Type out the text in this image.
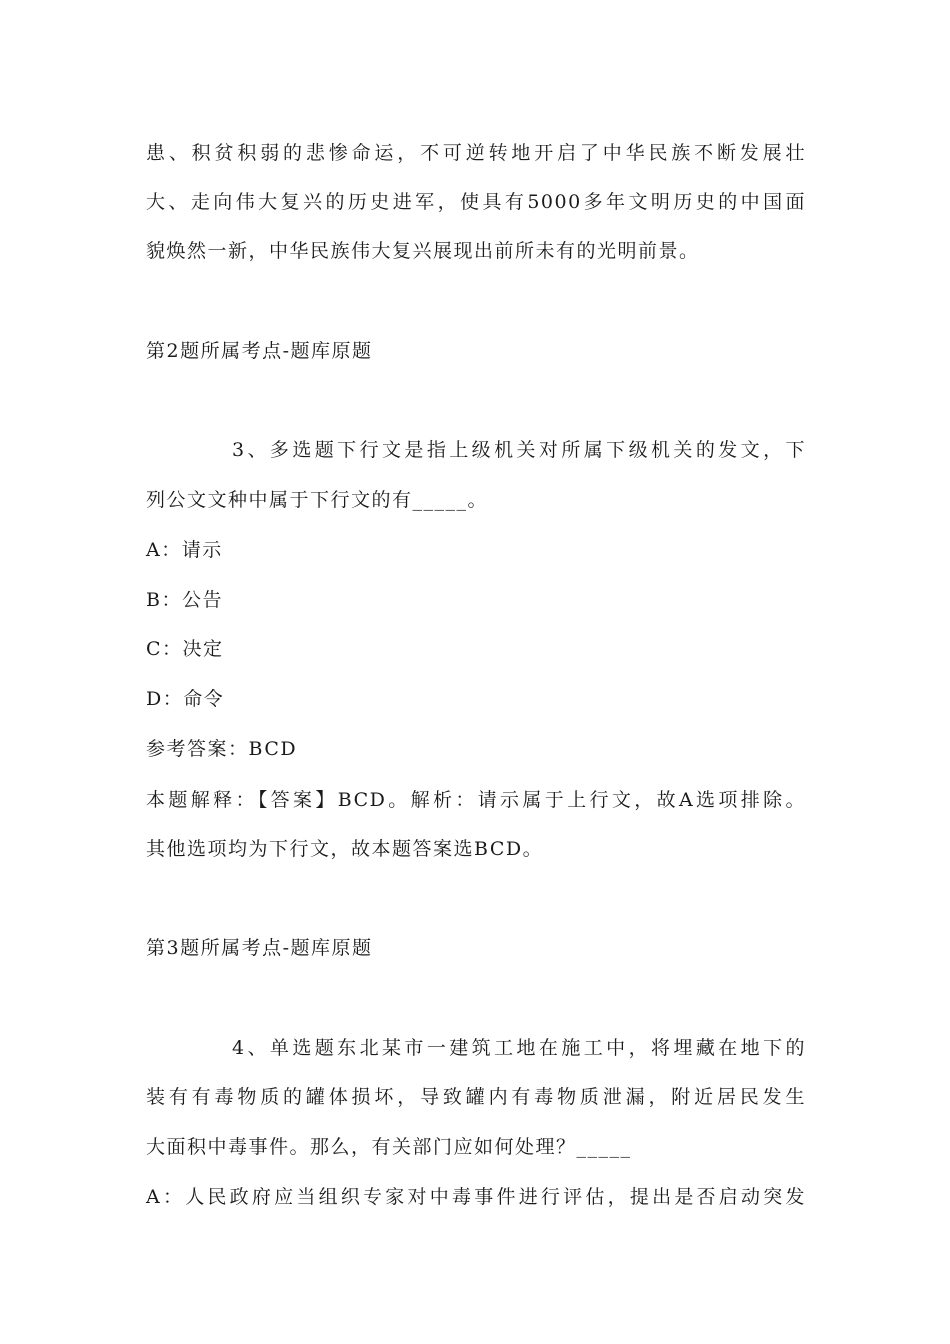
患、积贫积弱的悲惨命运，不可逆转地开启了中华民族不断发展壮
大、走向伟大复兴的历史进军，使具有5000多年文明历史的中国面
貌焕然一新，中华民族伟大复兴展现出前所未有的光明前景。
第2题所属考点-题库原题
3、多选题下行文是指上级机关对所属下级机关的发文，下
列公文文种中属于下行文的有_____。
A：请示
B：公告
C：决定
D：命令
参考答案：BCD
本题解释：【答案】BCD。解析：请示属于上行文，故A选项排除。
其他选项均为下行文，故本题答案选BCD。
第3题所属考点-题库原题
4、单选题东北某市一建筑工地在施工中，将埋藏在地下的
装有有毒物质的罐体损坏，导致罐内有毒物质泄漏，附近居民发生
大面积中毒事件。那么，有关部门应如何处理？_____
A：人民政府应当组织专家对中毒事件进行评估，提出是否启动突发
